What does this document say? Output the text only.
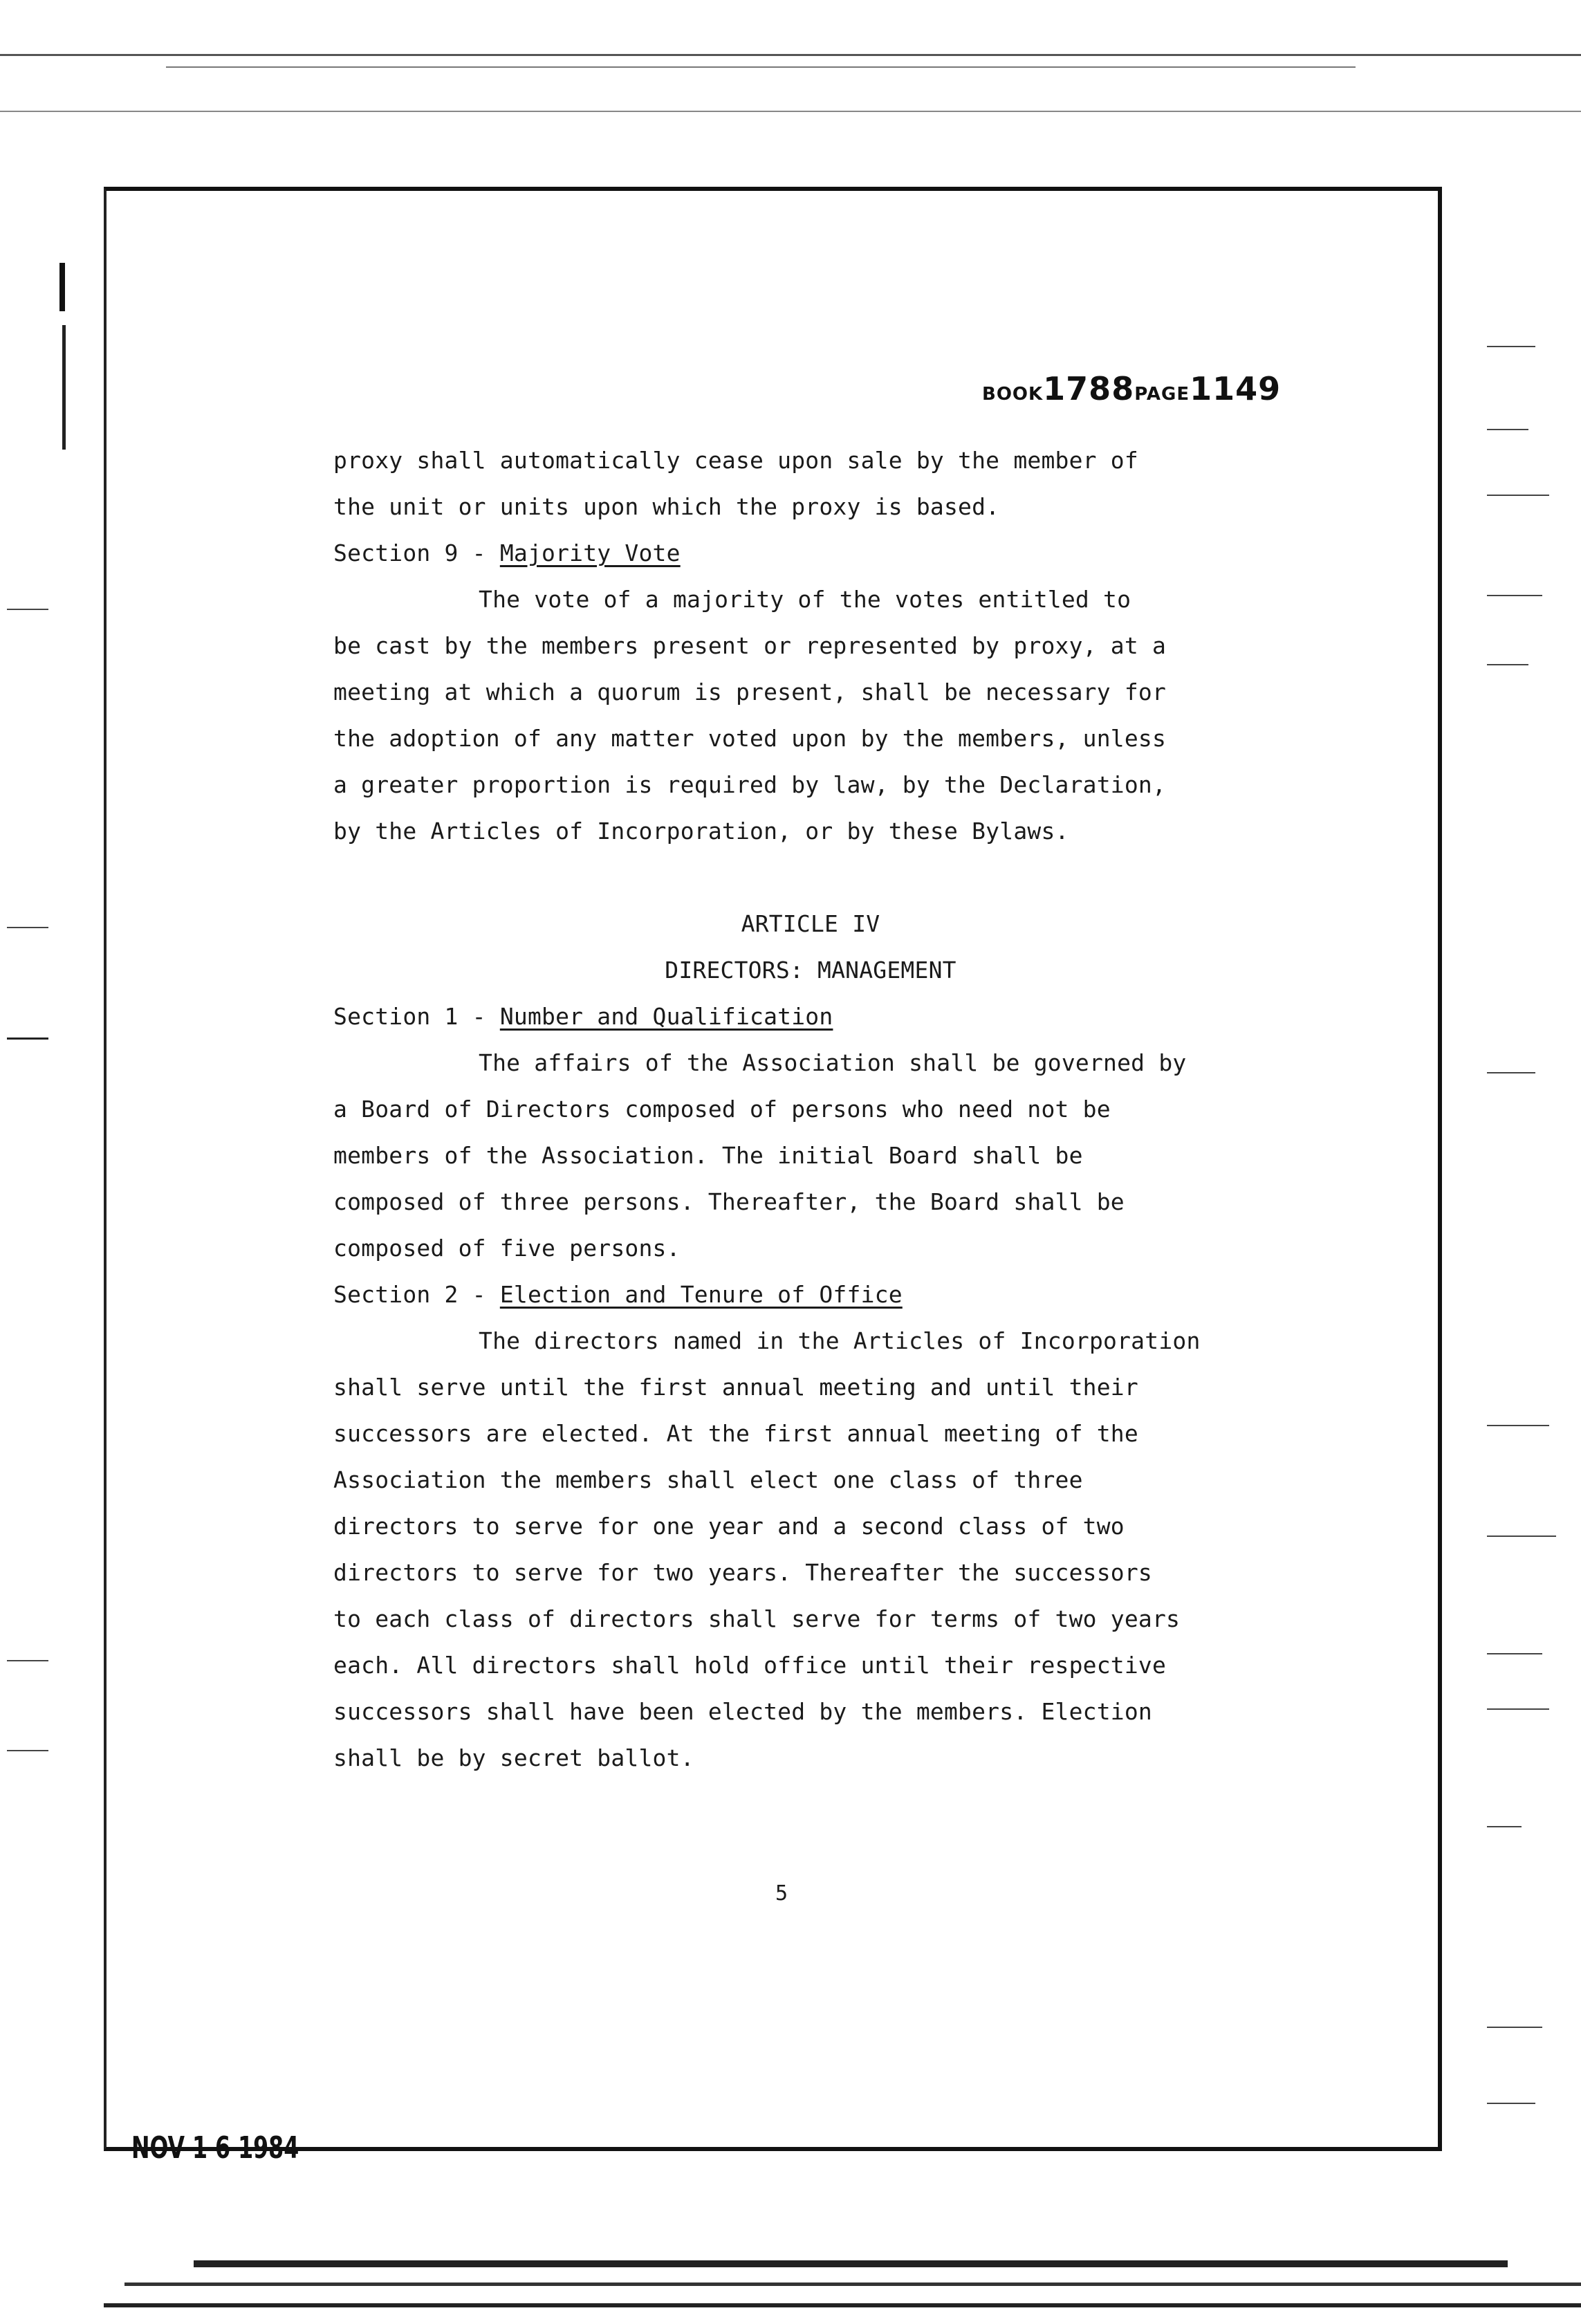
BOOK1788PAGE1149
proxy shall automatically cease upon sale by the member of
the unit or units upon which the proxy is based.
Section 9 - Majority Vote
The vote of a majority of the votes entitled to
be cast by the members present or represented by proxy, at a
meeting at which a quorum is present, shall be necessary for
the adoption of any matter voted upon by the members, unless
a greater proportion is required by law, by the Declaration,
by the Articles of Incorporation, or by these Bylaws.
ARTICLE IV
DIRECTORS: MANAGEMENT
Section 1 - Number and Qualification
The affairs of the Association shall be governed by
a Board of Directors composed of persons who need not be
members of the Association. The initial Board shall be
composed of three persons. Thereafter, the Board shall be
composed of five persons.
Section 2 - Election and Tenure of Office
The directors named in the Articles of Incorporation
shall serve until the first annual meeting and until their
successors are elected. At the first annual meeting of the
Association the members shall elect one class of three
directors to serve for one year and a second class of two
directors to serve for two years. Thereafter the successors
to each class of directors shall serve for terms of two years
each. All directors shall hold office until their respective
successors shall have been elected by the members. Election
shall be by secret ballot.
5
NOV 1 6 1984
